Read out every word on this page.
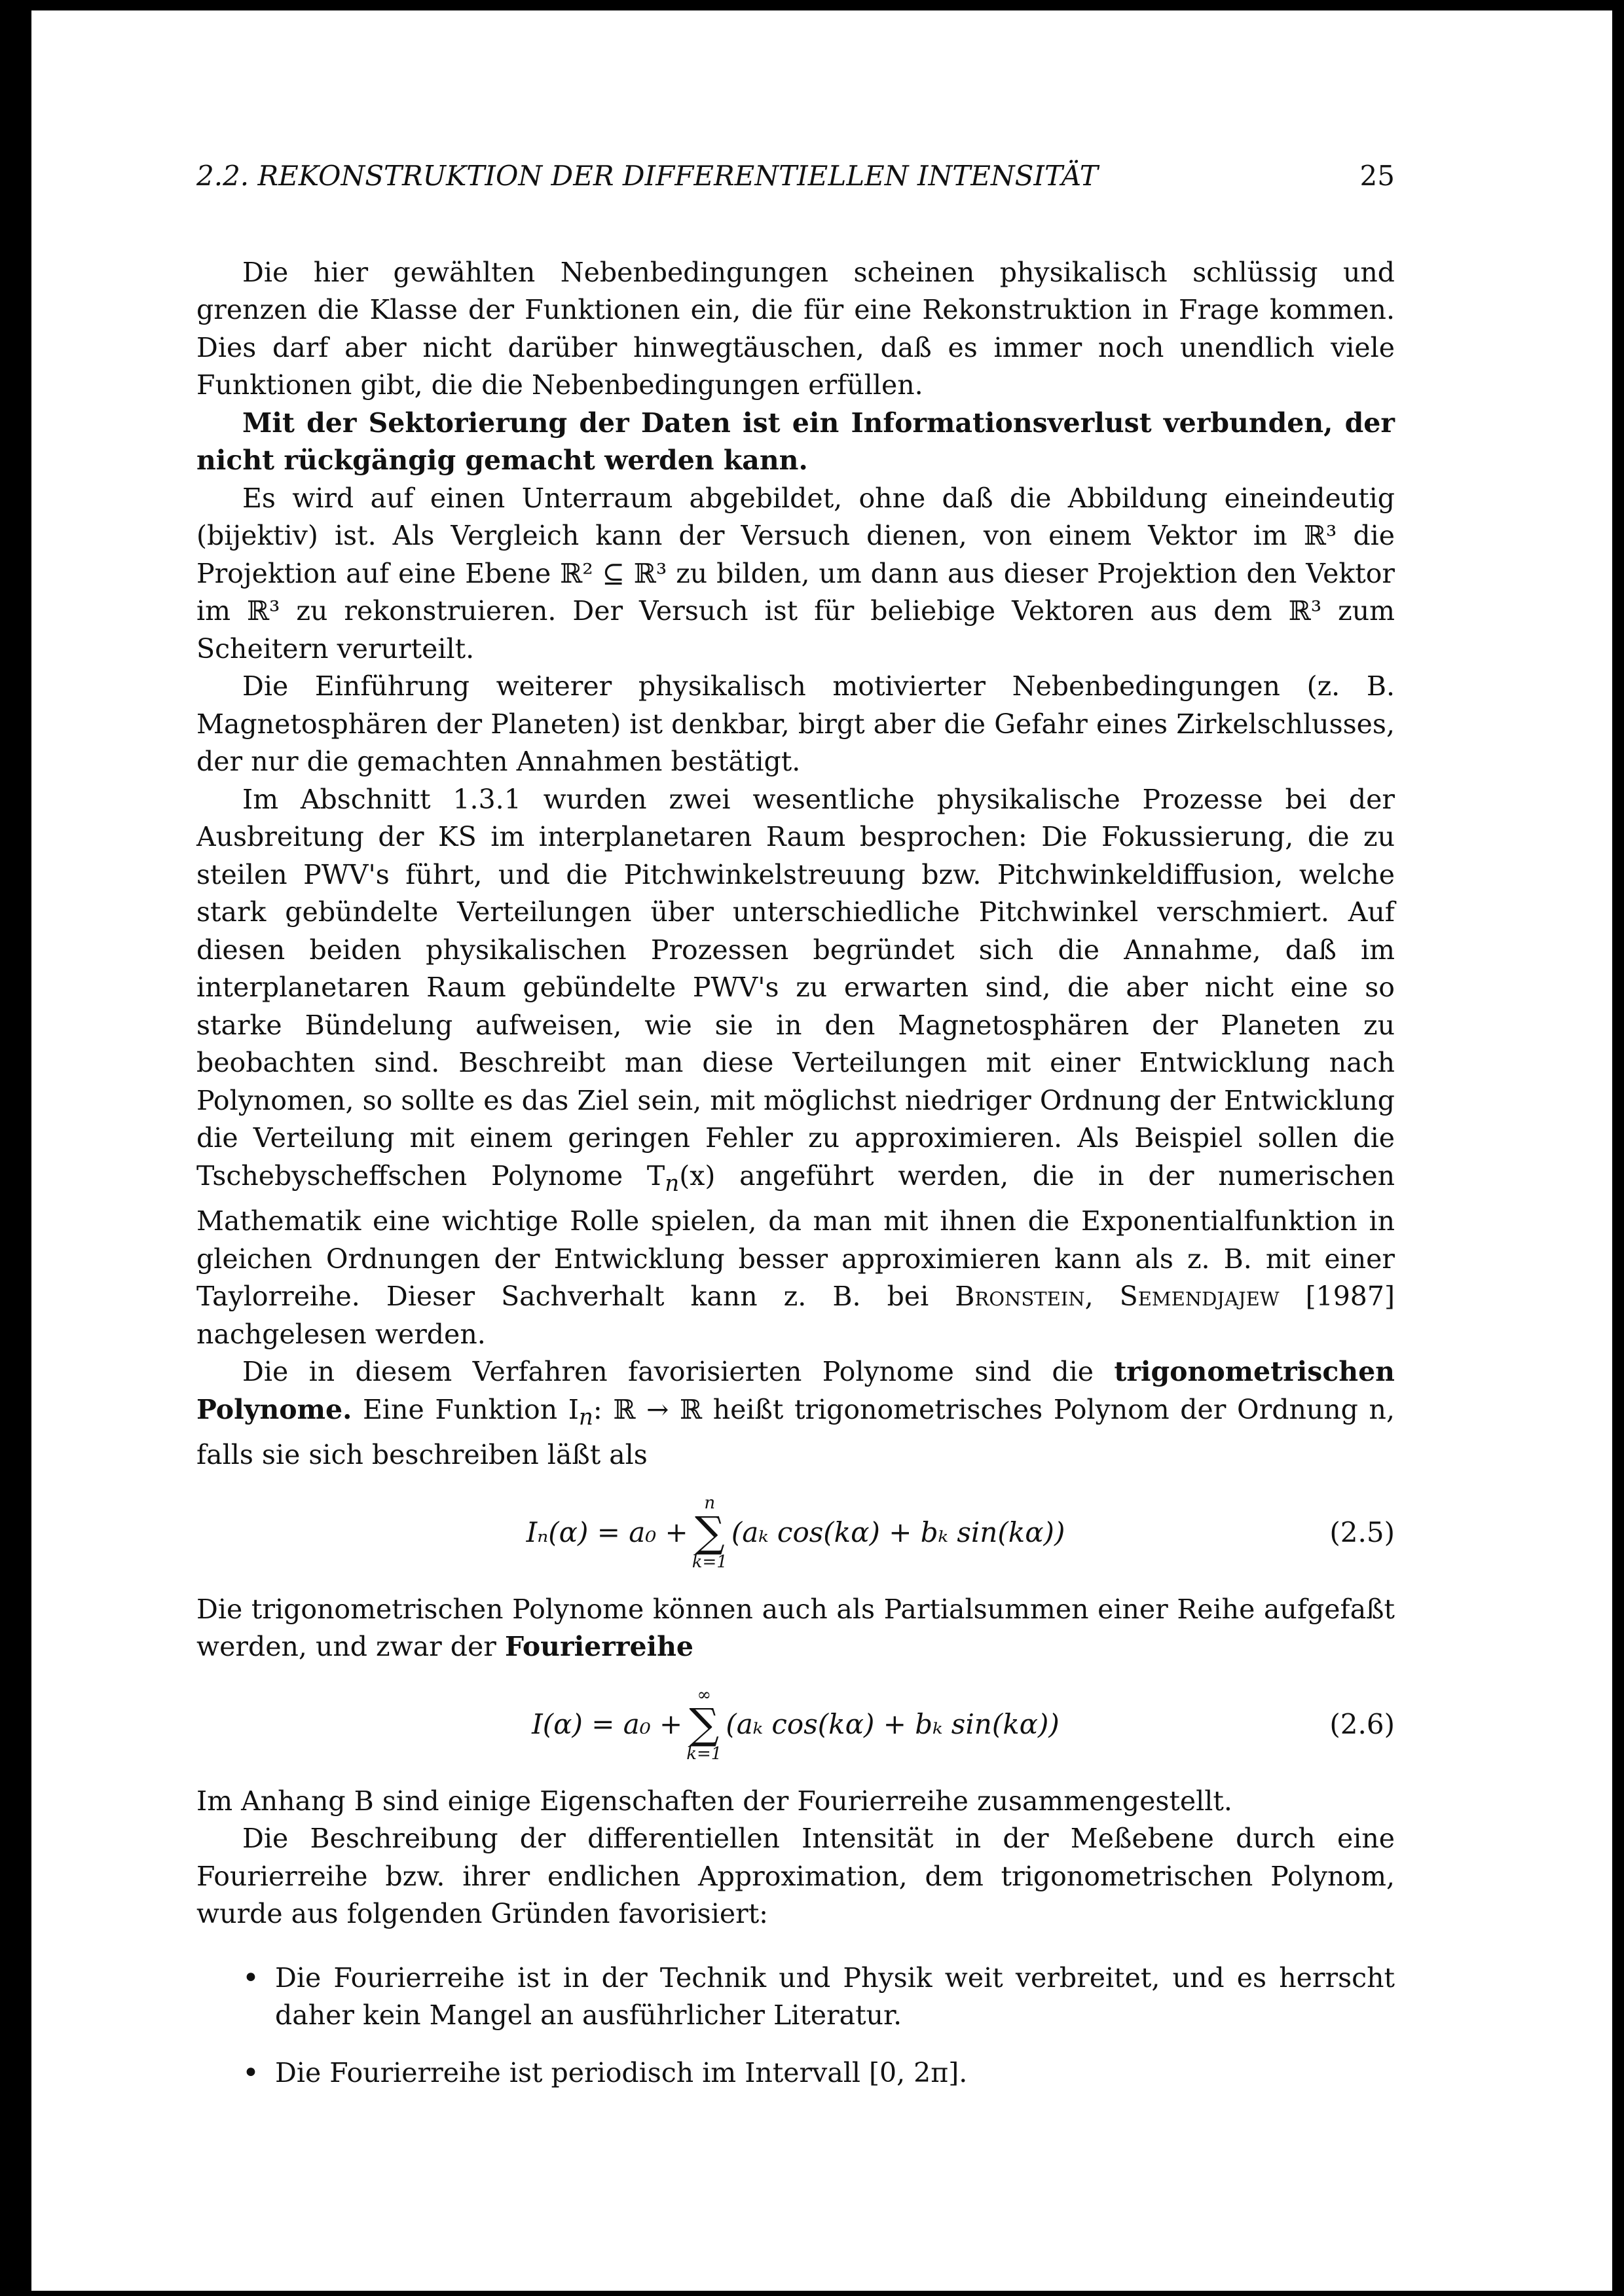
2.2. REKONSTRUKTION DER DIFFERENTIELLEN INTENSITÄT	25

Die hier gewählten Nebenbedingungen scheinen physikalisch schlüssig und grenzen die Klasse der Funktionen ein, die für eine Rekonstruktion in Frage kommen. Dies darf aber nicht darüber hinwegtäuschen, daß es immer noch unendlich viele Funktionen gibt, die die Nebenbedingungen erfüllen.

Mit der Sektorierung der Daten ist ein Informationsverlust verbunden, der nicht rückgängig gemacht werden kann.

Es wird auf einen Unterraum abgebildet, ohne daß die Abbildung eineindeutig (bijektiv) ist. Als Vergleich kann der Versuch dienen, von einem Vektor im ℝ³ die Projektion auf eine Ebene ℝ² ⊆ ℝ³ zu bilden, um dann aus dieser Projektion den Vektor im ℝ³ zu rekonstruieren. Der Versuch ist für beliebige Vektoren aus dem ℝ³ zum Scheitern verurteilt.

Die Einführung weiterer physikalisch motivierter Nebenbedingungen (z. B. Magnetosphären der Planeten) ist denkbar, birgt aber die Gefahr eines Zirkelschlusses, der nur die gemachten Annahmen bestätigt.

Im Abschnitt 1.3.1 wurden zwei wesentliche physikalische Prozesse bei der Ausbreitung der KS im interplanetaren Raum besprochen: Die Fokussierung, die zu steilen PWV's führt, und die Pitchwinkelstreuung bzw. Pitchwinkeldiffusion, welche stark gebündelte Verteilungen über unterschiedliche Pitchwinkel verschmiert. Auf diesen beiden physikalischen Prozessen begründet sich die Annahme, daß im interplanetaren Raum gebündelte PWV's zu erwarten sind, die aber nicht eine so starke Bündelung aufweisen, wie sie in den Magnetosphären der Planeten zu beobachten sind. Beschreibt man diese Verteilungen mit einer Entwicklung nach Polynomen, so sollte es das Ziel sein, mit möglichst niedriger Ordnung der Entwicklung die Verteilung mit einem geringen Fehler zu approximieren. Als Beispiel sollen die Tschebyscheffschen Polynome $T_n(x)$ angeführt werden, die in der numerischen Mathematik eine wichtige Rolle spielen, da man mit ihnen die Exponentialfunktion in gleichen Ordnungen der Entwicklung besser approximieren kann als z. B. mit einer Taylorreihe. Dieser Sachverhalt kann z. B. bei Bronstein, Semendjajew [1987] nachgelesen werden.

Die in diesem Verfahren favorisierten Polynome sind die trigonometrischen Polynome. Eine Funktion $I_n$: ℝ → ℝ heißt trigonometrisches Polynom der Ordnung n, falls sie sich beschreiben läßt als

Iₙ(α) = a₀ +
n
∑
k=1
(aₖ cos(kα) + bₖ sin(kα))	(2.5)

Die trigonometrischen Polynome können auch als Partialsummen einer Reihe aufgefaßt werden, und zwar der Fourierreihe

I(α) = a₀ +
∞
∑
k=1
(aₖ cos(kα) + bₖ sin(kα))	(2.6)

Im Anhang B sind einige Eigenschaften der Fourierreihe zusammengestellt.

Die Beschreibung der differentiellen Intensität in der Meßebene durch eine Fourierreihe bzw. ihrer endlichen Approximation, dem trigonometrischen Polynom, wurde aus folgenden Gründen favorisiert:

• Die Fourierreihe ist in der Technik und Physik weit verbreitet, und es herrscht daher kein Mangel an ausführlicher Literatur.
• Die Fourierreihe ist periodisch im Intervall [0, 2π].
